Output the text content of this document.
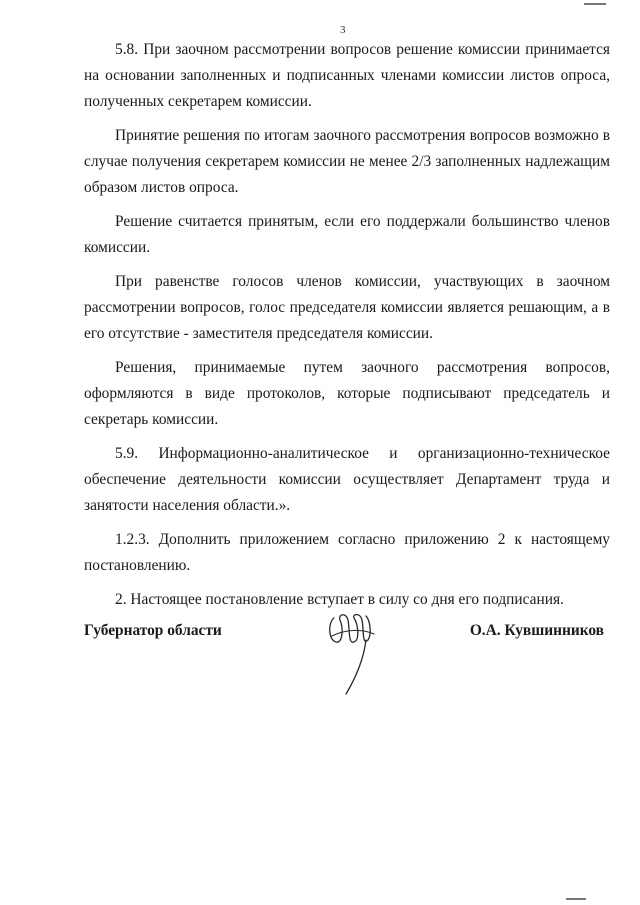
3

5.8. При заочном рассмотрении вопросов решение комиссии принимается на основании заполненных и подписанных членами комиссии листов опроса, полученных секретарем комиссии.

Принятие решения по итогам заочного рассмотрения вопросов возможно в случае получения секретарем комиссии не менее 2/3 заполненных надлежащим образом листов опроса.

Решение считается принятым, если его поддержали большинство членов комиссии.

При равенстве голосов членов комиссии, участвующих в заочном рассмотрении вопросов, голос председателя комиссии является решающим, а в его отсутствие - заместителя председателя комиссии.

Решения, принимаемые путем заочного рассмотрения вопросов, оформляются в виде протоколов, которые подписывают председатель и секретарь комиссии.

5.9. Информационно-аналитическое и организационно-техническое обеспечение деятельности комиссии осуществляет Департамент труда и занятости населения области.».

1.2.3. Дополнить приложением согласно приложению 2 к настоящему постановлению.

2. Настоящее постановление вступает в силу со дня его подписания.

Губернатор области	О.А. Кувшинников
